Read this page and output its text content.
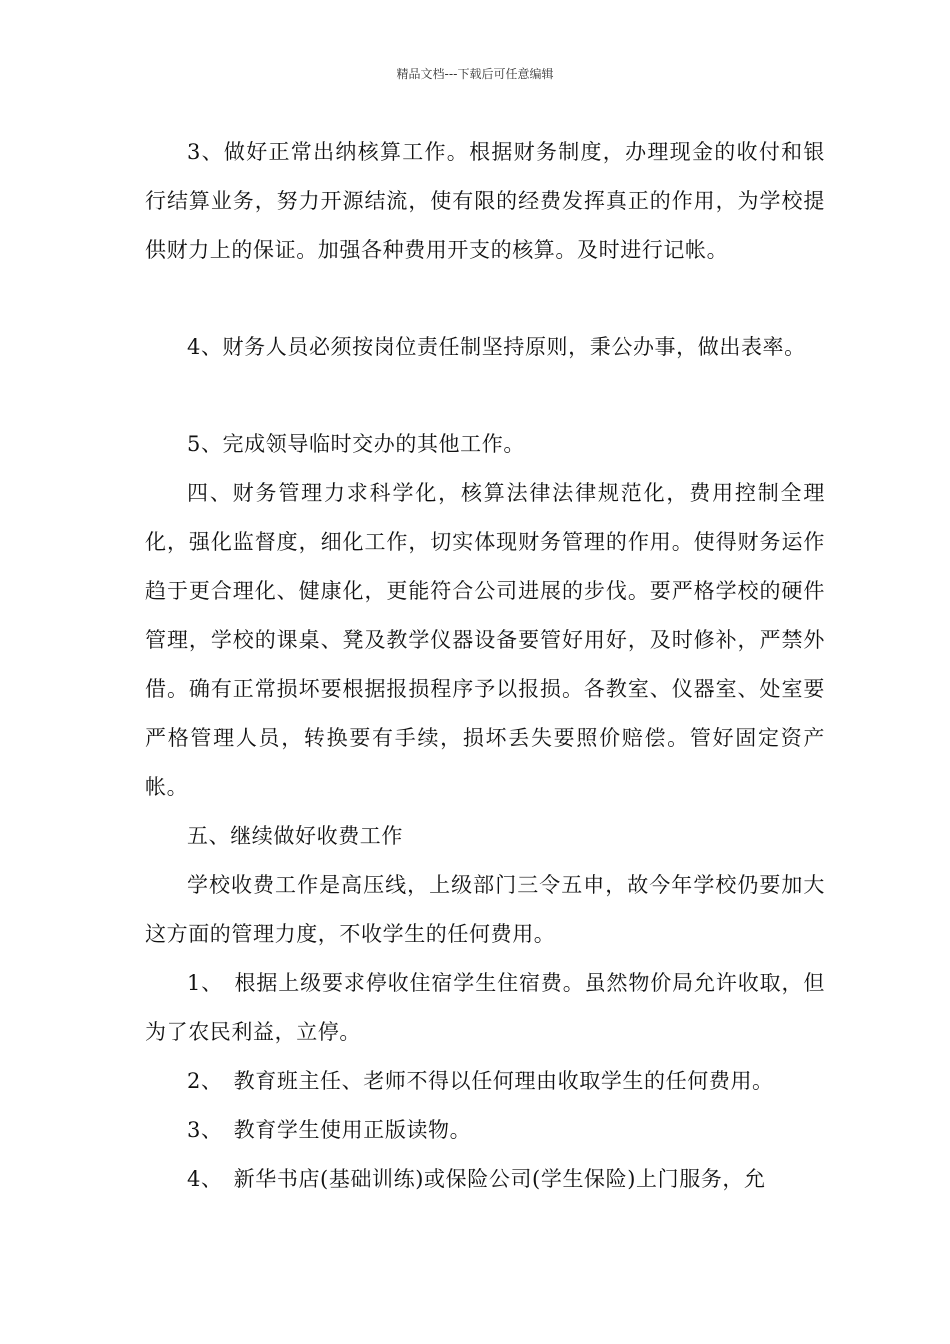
精品文档---下载后可任意编辑

3、做好正常出纳核算工作。根据财务制度，办理现金的收付和银行结算业务，努力开源结流，使有限的经费发挥真正的作用，为学校提供财力上的保证。加强各种费用开支的核算。及时进行记帐。

4、财务人员必须按岗位责任制坚持原则，秉公办事，做出表率。

5、完成领导临时交办的其他工作。

四、财务管理力求科学化，核算法律法律规范化，费用控制全理化，强化监督度，细化工作，切实体现财务管理的作用。使得财务运作趋于更合理化、健康化，更能符合公司进展的步伐。要严格学校的硬件管理，学校的课桌、凳及教学仪器设备要管好用好，及时修补，严禁外借。确有正常损坏要根据报损程序予以报损。各教室、仪器室、处室要严格管理人员，转换要有手续，损坏丢失要照价赔偿。管好固定资产帐。

五、继续做好收费工作

学校收费工作是高压线，上级部门三令五申，故今年学校仍要加大这方面的管理力度，不收学生的任何费用。

1、　根据上级要求停收住宿学生住宿费。虽然物价局允许收取，但为了农民利益，立停。

2、　教育班主任、老师不得以任何理由收取学生的任何费用。

3、　教育学生使用正版读物。

4、　新华书店(基础训练)或保险公司(学生保险)上门服务，允
